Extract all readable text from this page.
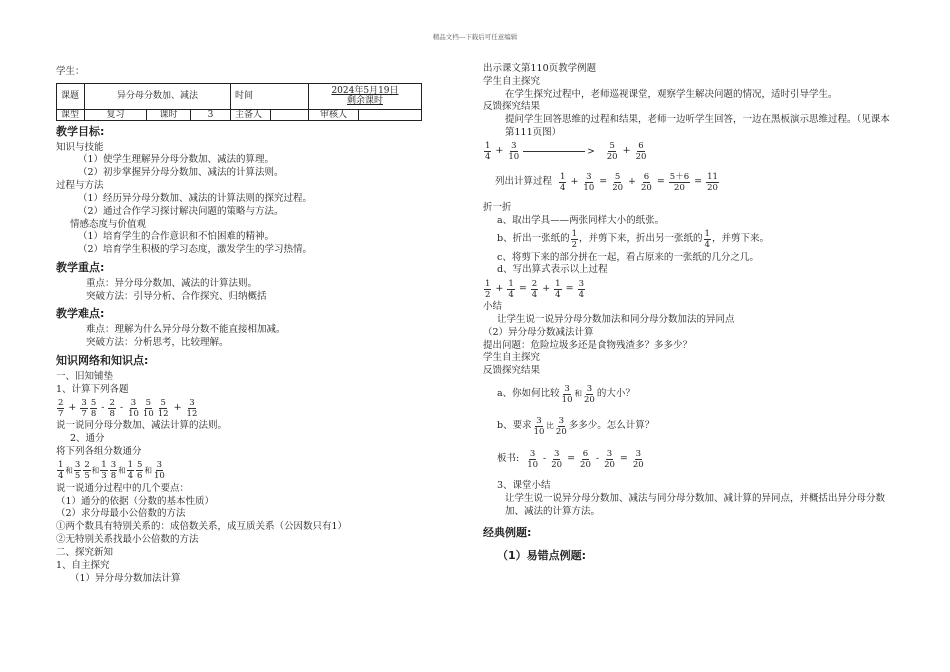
精品文档---下载后可任意编辑
学生：
课题	异分母分数加、减法			时间		2024年5月19日
剩余课时	
课型	复习	课时	3	主备人		审核人	
教学目标:
知识与技能
（1）使学生理解异分母分数加、减法的算理。
（2）初步掌握异分母分数加、减法的计算法则。
过程与方法
（1）经历异分母分数加、减法的计算法则的探究过程。
（2）通过合作学习探讨解决问题的策略与方法。
情感态度与价值观
（1）培育学生的合作意识和不怕困难的精神。
（2）培育学生积极的学习态度，激发学生的学习热情。
教学重点:
重点：异分母分数加、减法的计算法则。
突破方法：引导分析、合作探究、归纳概括
教学难点:
难点：理解为什么异分母分数不能直接相加减。
突破方法：分析思考，比较理解。
知识网络和知识点:
一、旧知铺垫
1、计算下列各题
$\frac{2}{7} + \frac{3}{7} \frac{5}{8} - \frac{2}{8} - \frac{3}{10} \frac{5}{10} \frac{5}{12} + \frac{3}{12}$
说一说同分母分数加、减法计算的法则。
2、通分
将下列各组分数通分
$\frac{1}{4}$ 和 $\frac{3}{5} \frac{2}{5}$ 和 $\frac{1}{3} \frac{3}{8}$ 和 $\frac{1}{4} \frac{5}{6}$ 和 $\frac{3}{10}$
说一说通分过程中的几个要点：
（1）通分的依据（分数的基本性质）
（2）求分母最小公倍数的方法
①两个数具有特别关系的：成倍数关系，成互质关系（公因数只有1）
②无特别关系找最小公倍数的方法
二、探究新知
1、自主探究
（1）异分母分数加法计算
出示课文第110页教学例题
学生自主探究
在学生探究过程中，老师巡视课堂，观察学生解决问题的情况，适时引导学生。
反馈探究结果
提问学生回答思维的过程和结果，老师一边听学生回答，一边在黑板演示思维过程。（见课本第111页图）
$\frac{1}{4} + \frac{3}{10}$	> $\frac{5}{20} + \frac{6}{20}$
列出计算过程 $\frac{1}{4} + \frac{3}{10} = \frac{5}{20} + \frac{6}{20} = \frac{5+6}{20} = \frac{11}{20}$
折一折
a、取出学具——两张同样大小的纸张。
b、折出一张纸的 $\frac{1}{2}$ ，并剪下来，折出另一张纸的 $\frac{1}{4}$ ，并剪下来。
c、将剪下来的部分拼在一起，看占原来的一张纸的几分之几。
d、写出算式表示以上过程
$\frac{1}{2} + \frac{1}{4} = \frac{2}{4} + \frac{1}{4} = \frac{3}{4}$
小结
让学生说一说异分母分数加法和同分母分数加法的异同点
（2）异分母分数减法计算
提出问题：危险垃圾多还是食物残渣多？多多少？
学生自主探究
反馈探究结果
a、你如何比较 $\frac{3}{10}$ 和 $\frac{3}{20}$ 的大小？
b、要求 $\frac{3}{10}$ 比 $\frac{3}{20}$ 多多少。怎么计算？
板书: $\frac{3}{10} - \frac{3}{20} = \frac{6}{20} - \frac{3}{20} = \frac{3}{20}$
3、课堂小结
让学生说一说异分母分数加、减法与同分母分数加、减计算的异同点，并概括出异分母分数加、减法的计算方法。
经典例题:
（1）易错点例题:
